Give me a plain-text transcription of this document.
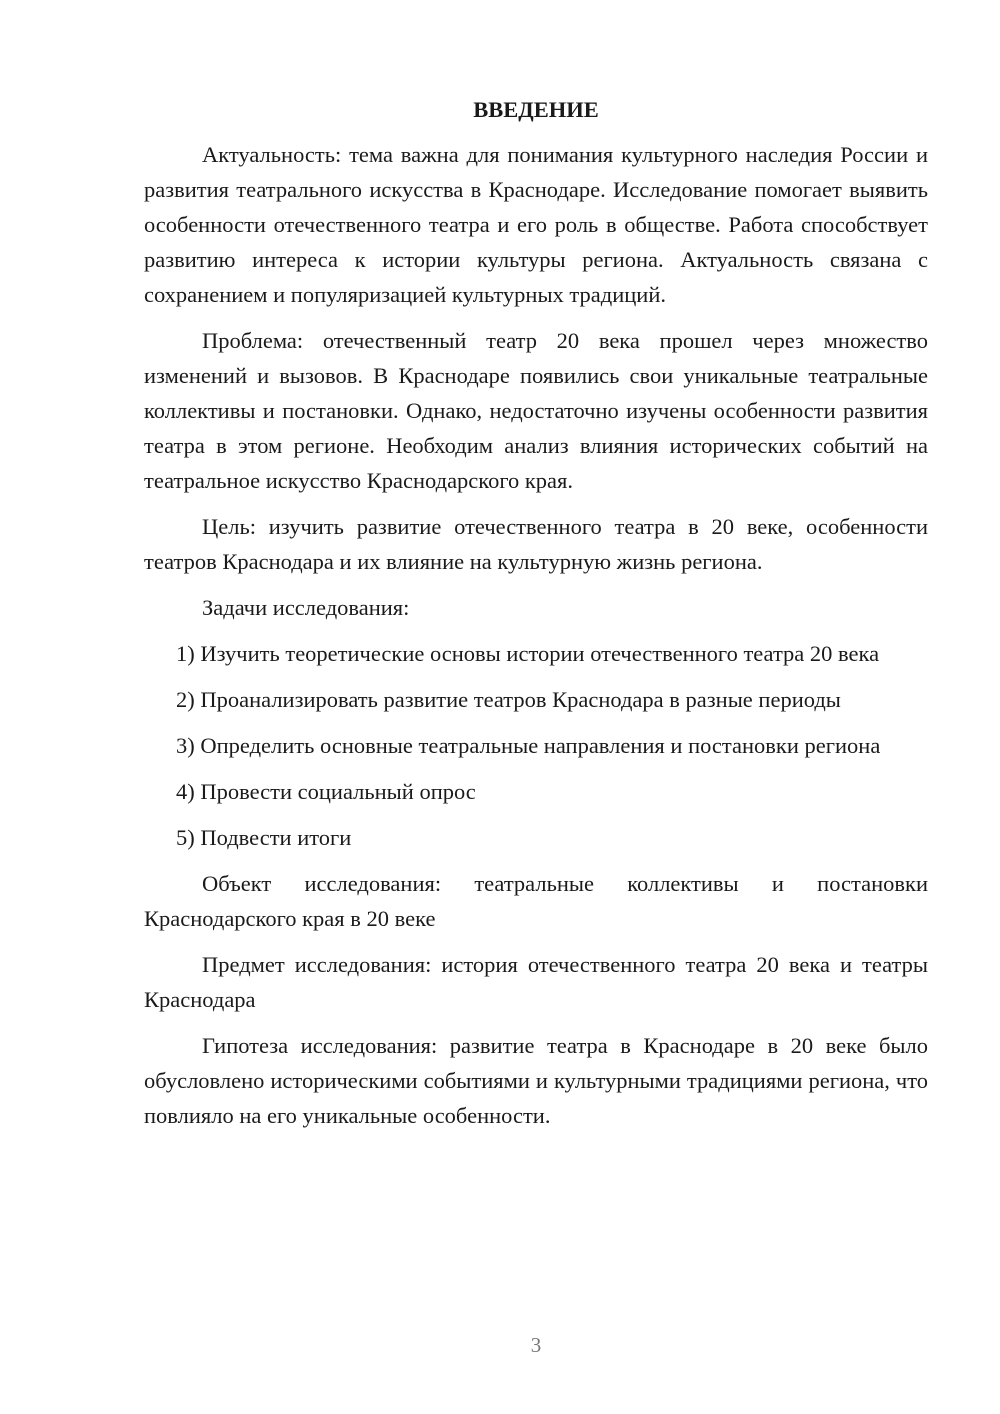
ВВЕДЕНИЕ

Актуальность: тема важна для понимания культурного наследия России и развития театрального искусства в Краснодаре. Исследование помогает выявить особенности отечественного театра и его роль в обществе. Работа способствует развитию интереса к истории культуры региона. Актуальность связана с сохранением и популяризацией культурных традиций.

Проблема: отечественный театр 20 века прошел через множество изменений и вызовов. В Краснодаре появились свои уникальные театральные коллективы и постановки. Однако, недостаточно изучены особенности развития театра в этом регионе. Необходим анализ влияния исторических событий на театральное искусство Краснодарского края.

Цель: изучить развитие отечественного театра в 20 веке, особенности театров Краснодара и их влияние на культурную жизнь региона.

Задачи исследования:

1) Изучить теоретические основы истории отечественного театра 20 века

2) Проанализировать развитие театров Краснодара в разные периоды

3) Определить основные театральные направления и постановки региона

4) Провести социальный опрос

5) Подвести итоги

Объект исследования: театральные коллективы и постановки Краснодарского края в 20 веке

Предмет исследования: история отечественного театра 20 века и театры Краснодара

Гипотеза исследования: развитие театра в Краснодаре в 20 веке было обусловлено историческими событиями и культурными традициями региона, что повлияло на его уникальные особенности.

3
